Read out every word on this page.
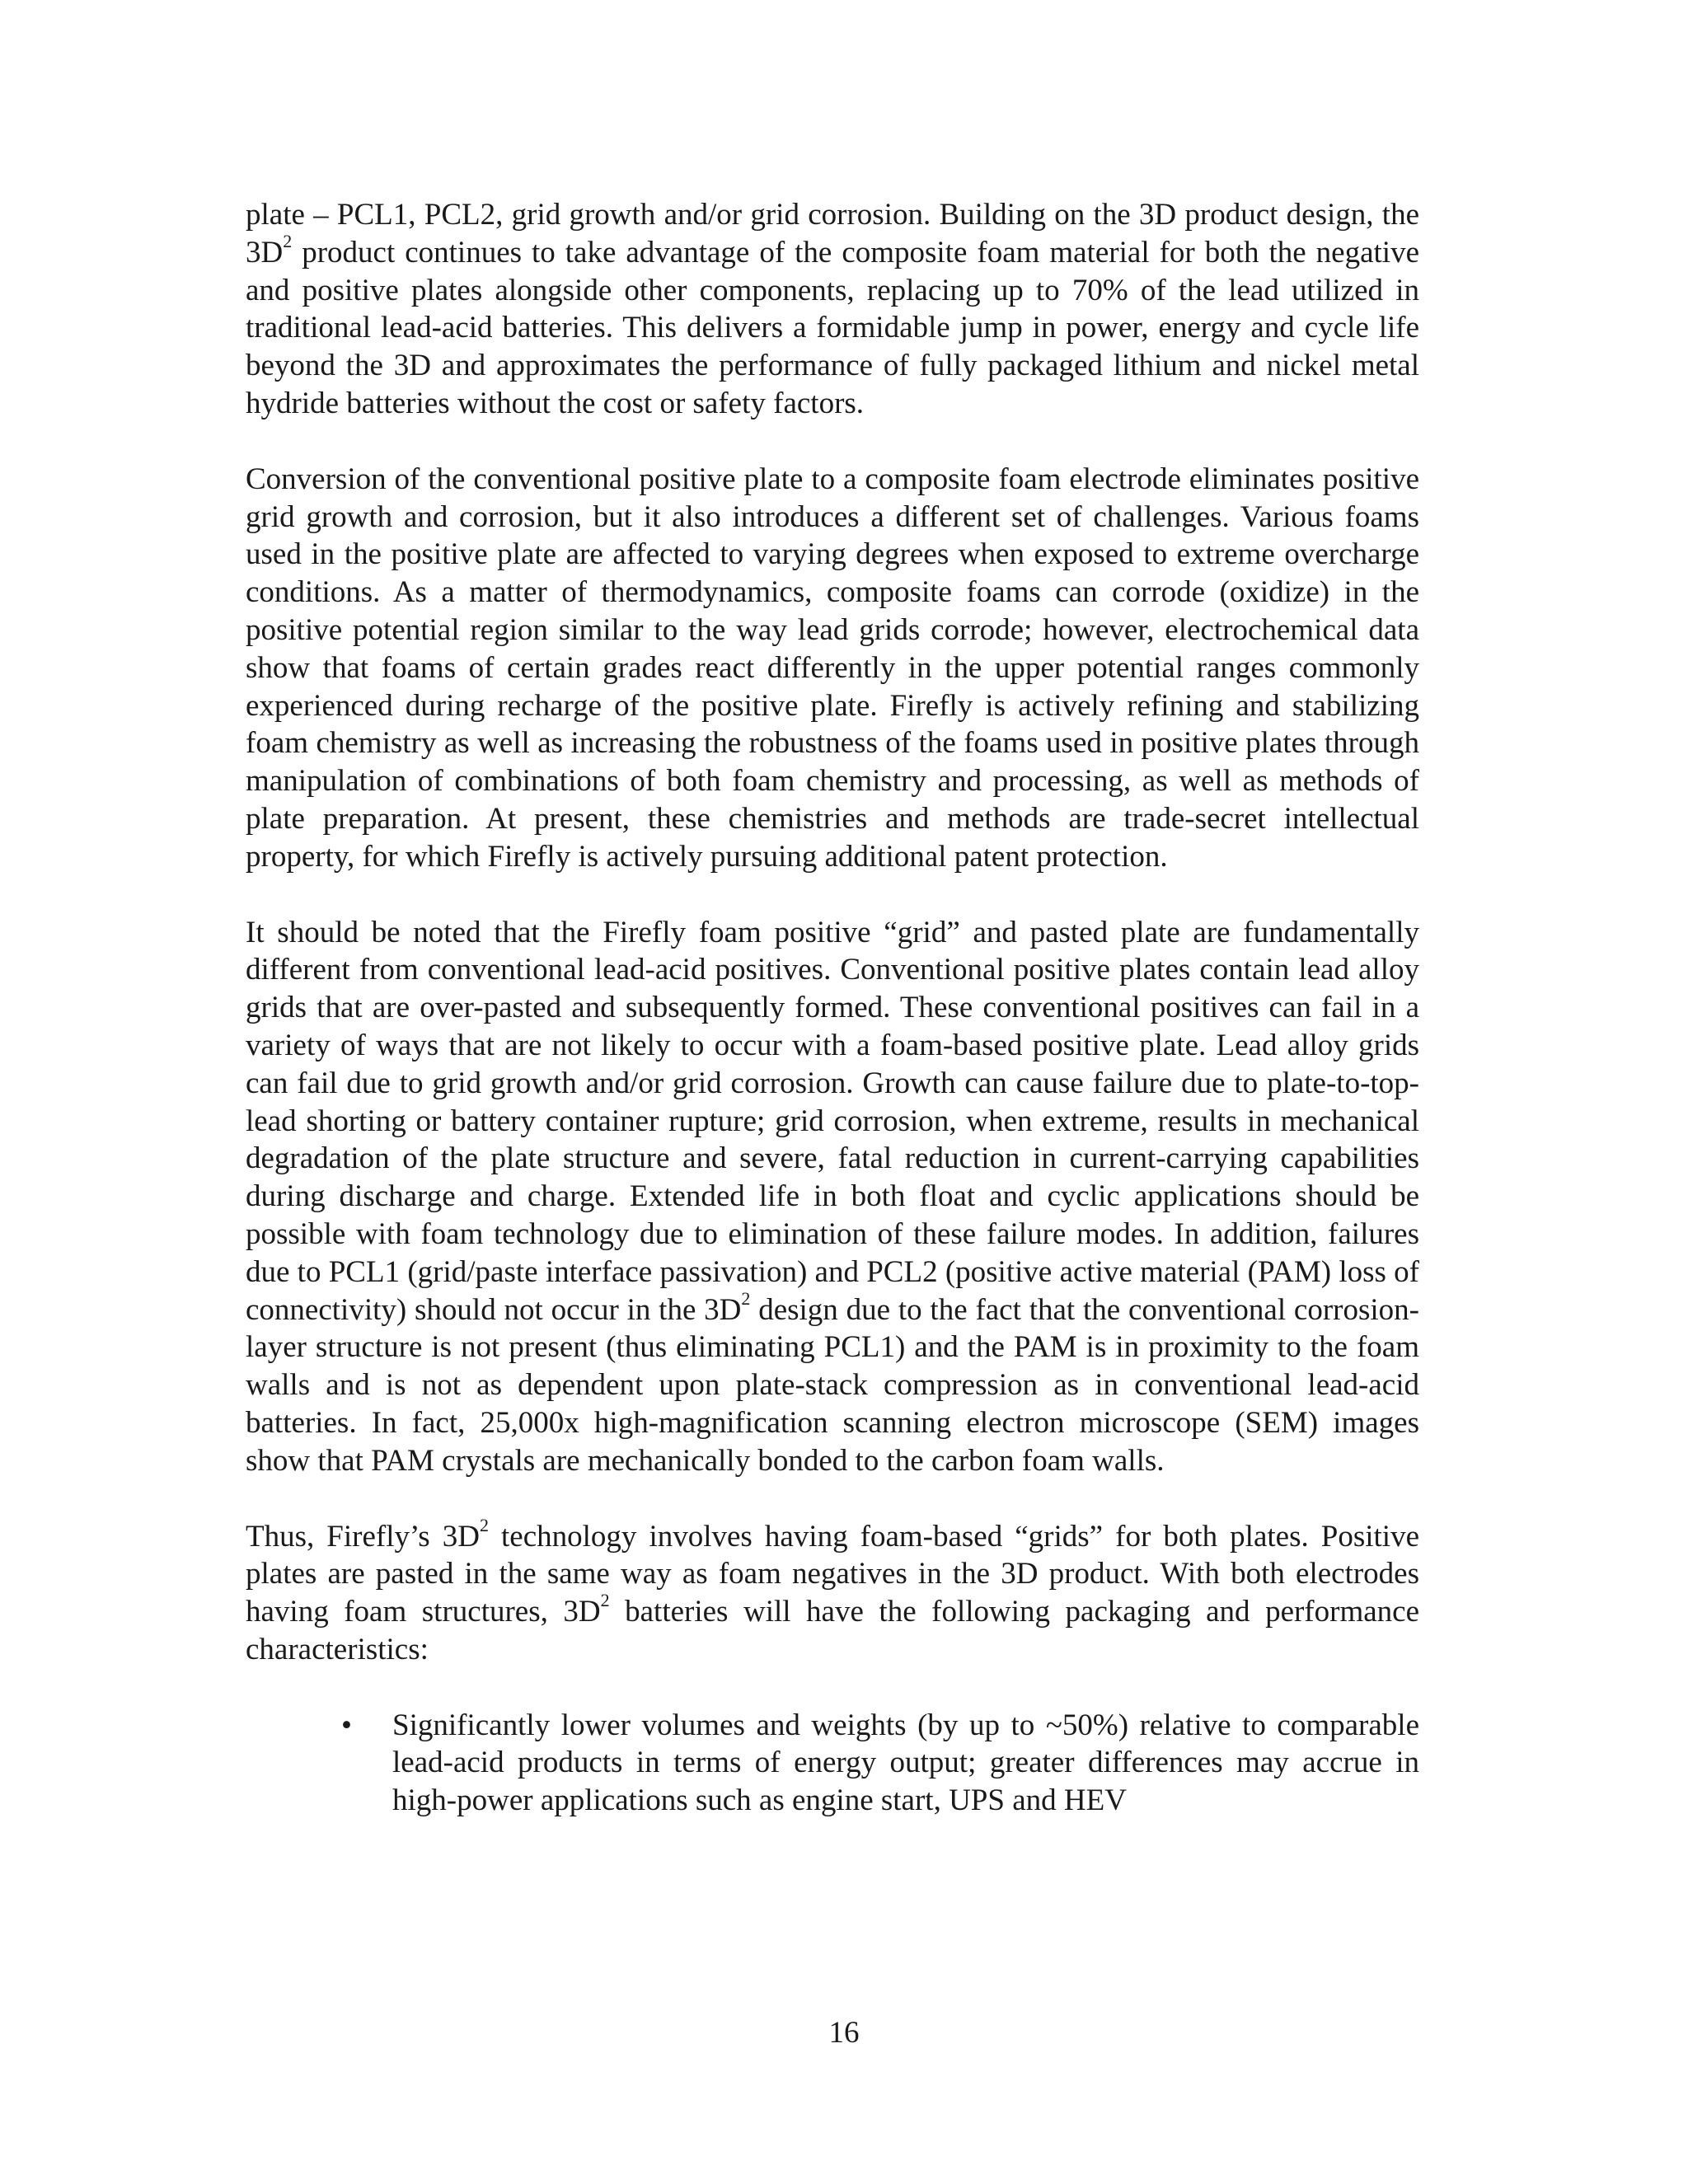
plate – PCL1, PCL2, grid growth and/or grid corrosion. Building on the 3D product design, the $3D^2$ product continues to take advantage of the composite foam material for both the negative and positive plates alongside other components, replacing up to 70% of the lead utilized in traditional lead-acid batteries. This delivers a formidable jump in power, energy and cycle life beyond the 3D and approximates the performance of fully packaged lithium and nickel metal hydride batteries without the cost or safety factors.

Conversion of the conventional positive plate to a composite foam electrode eliminates positive grid growth and corrosion, but it also introduces a different set of challenges. Various foams used in the positive plate are affected to varying degrees when exposed to extreme overcharge conditions. As a matter of thermodynamics, composite foams can corrode (oxidize) in the positive potential region similar to the way lead grids corrode; however, electrochemical data show that foams of certain grades react differently in the upper potential ranges commonly experienced during recharge of the positive plate. Firefly is actively refining and stabilizing foam chemistry as well as increasing the robustness of the foams used in positive plates through manipulation of combinations of both foam chemistry and processing, as well as methods of plate preparation. At present, these chemistries and methods are trade-secret intellectual property, for which Firefly is actively pursuing additional patent protection.

It should be noted that the Firefly foam positive “grid” and pasted plate are fundamentally different from conventional lead-acid positives. Conventional positive plates contain lead alloy grids that are over-pasted and subsequently formed. These conventional positives can fail in a variety of ways that are not likely to occur with a foam-based positive plate. Lead alloy grids can fail due to grid growth and/or grid corrosion. Growth can cause failure due to plate-to-top-lead shorting or battery container rupture; grid corrosion, when extreme, results in mechanical degradation of the plate structure and severe, fatal reduction in current-carrying capabilities during discharge and charge. Extended life in both float and cyclic applications should be possible with foam technology due to elimination of these failure modes. In addition, failures due to PCL1 (grid/paste interface passivation) and PCL2 (positive active material (PAM) loss of connectivity) should not occur in the $3D^2$ design due to the fact that the conventional corrosion-layer structure is not present (thus eliminating PCL1) and the PAM is in proximity to the foam walls and is not as dependent upon plate-stack compression as in conventional lead-acid batteries. In fact, 25,000x high-magnification scanning electron microscope (SEM) images show that PAM crystals are mechanically bonded to the carbon foam walls.

Thus, Firefly’s $3D^2$ technology involves having foam-based “grids” for both plates. Positive plates are pasted in the same way as foam negatives in the 3D product. With both electrodes having foam structures, $3D^2$ batteries will have the following packaging and performance characteristics:

• Significantly lower volumes and weights (by up to ~50%) relative to comparable lead-acid products in terms of energy output; greater differences may accrue in high-power applications such as engine start, UPS and HEV
16
